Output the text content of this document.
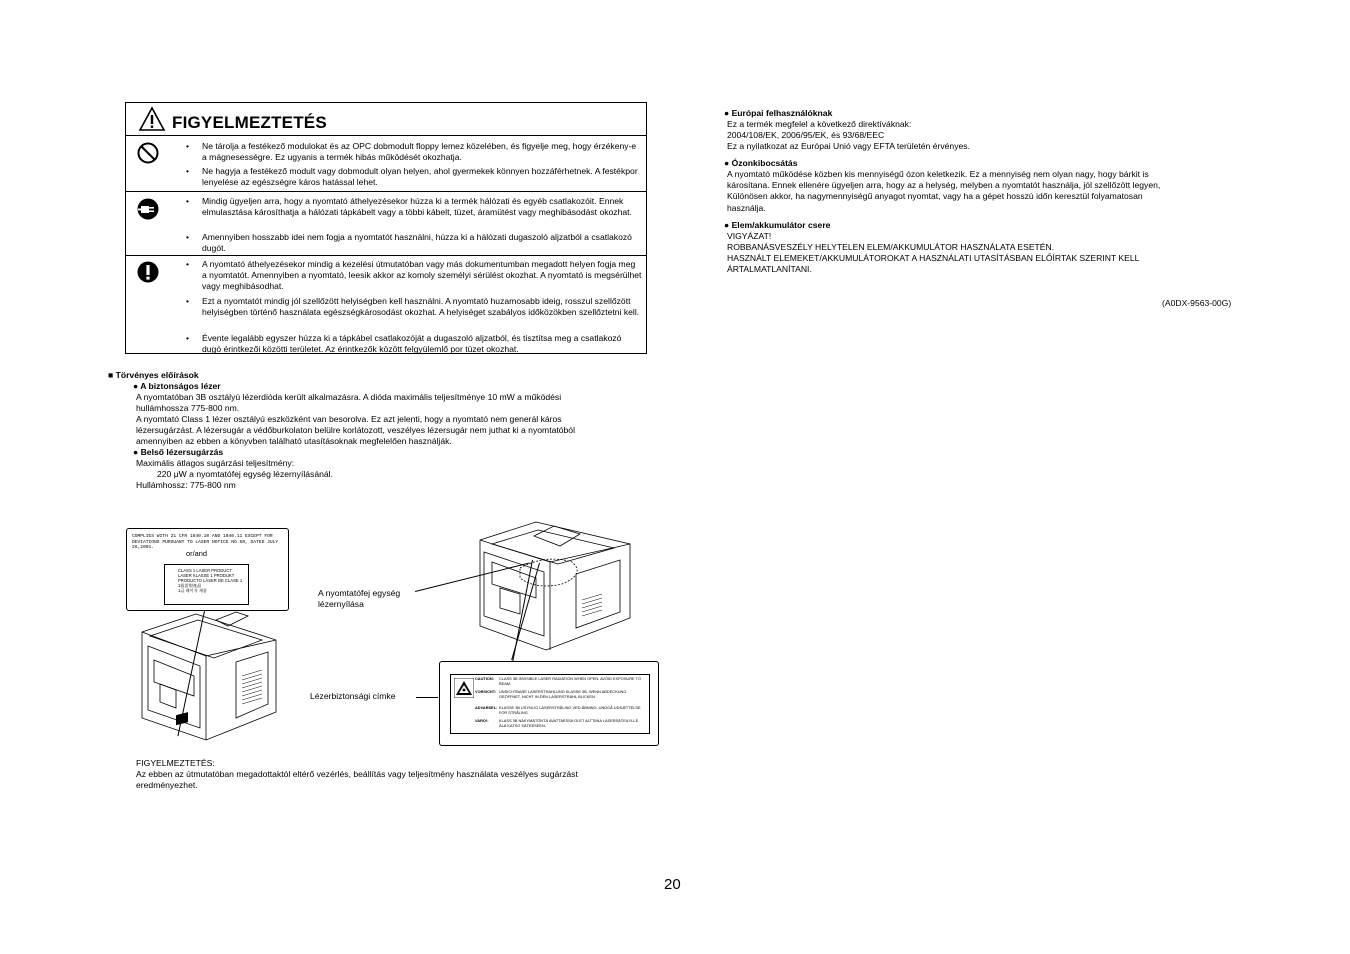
FIGYELMEZTETÉS
• Ne tárolja a festékező modulokat és az OPC dobmodult floppy lemez közelében, és figyelje meg, hogy érzékeny-e a mágnesességre. Ez ugyanis a termék hibás működését okozhatja.
• Ne hagyja a festékező modult vagy dobmodult olyan helyen, ahol gyermekek könnyen hozzáférhetnek. A festékpor lenyelése az egészségre káros hatással lehet.
• Mindig ügyeljen arra, hogy a nyomtató áthelyezésekor húzza ki a termék hálózati és egyéb csatlakozóit. Ennek elmulasztása károsíthatja a hálózati tápkábelt vagy a többi kábelt, tüzet, áramütést vagy meghibásodást okozhat.
• Amennyiben hosszabb idei nem fogja a nyomtatót használni, húzza ki a hálózati dugaszoló aljzatból a csatlakozó dugót.
• A nyomtató áthelyezésekor mindig a kezelési útmutatóban vagy más dokumentumban megadott helyen fogja meg a nyomtatót. Amennyiben a nyomtató, leesik akkor az komoly személyi sérülést okozhat. A nyomtató is megsérülhet vagy meghibásodhat.
• Ezt a nyomtatót mindig jól szellőzött helyiségben kell használni. A nyomtató huzamosabb ideig, rosszul szellőzött helyiségben történő használata egészségkárosodást okozhat. A helyiséget szabályos időközökben szellőztetni kell.
• Évente legalább egyszer húzza ki a tápkábel csatlakozóját a dugaszoló aljzatból, és tisztítsa meg a csatlakozó dugó érintkezői közötti területet. Az érintkezők között felgyülemlő por tüzet okozhat.
■ Törvényes előírások
● A biztonságos lézer
A nyomtatóban 3B osztályú lézerdióda került alkalmazásra. A dióda maximális teljesítménye 10 mW a működési
hullámhossza 775-800 nm.
A nyomtató Class 1 lézer osztályú eszközként van besorolva. Ez azt jelenti, hogy a nyomtató nem generál káros
lézersugárzást. A lézersugár a védőburkolaton belülre korlátozott, veszélyes lézersugár nem juthat ki a nyomtatóból
amennyiben az ebben a könyvben található utasításoknak megfelelően használják.
● Belső lézersugárzás
Maximális átlagos sugárzási teljesítmény:
220 μW a nyomtatófej egység lézernyílásánál.
Hullámhossz: 775-800 nm
COMPLIES WITH 21 CFR 1040.10 AND 1040.11 EXCEPT FOR DEVIATIONS PURSUANT TO LASER NOTICE NO.50, DATED JULY 26,2001.
or/and
CLASS 1 LASER PRODUCT
LASER KLASSE 1 PRODUKT
PRODUCTO LÁSER DE CLASE 1
1級雷射產品
1급 레이저 제품	A nyomtatófej egység
lézernyílása
Lézerbiztonsági címke
CAUTION: CLASS 3B INVISIBLE LASER RADIATION WHEN OPEN. AVOID EXPOSURE TO BEAM.
VORSICHT: UNSICHTBARE LASERSTRAHLUNG KLASSE 3B, WENN ABDECKUNG GEÖFFNET. NICHT IN DEN LASERSTRAHL BLICKEN.
ADVARSEL: KLASSE 3B USYNLIG LASERSTRÅLING VED ÅBNING. UNDGÅ UDSÆTTELSE FOR STRÅLING.
VARO!:	KLASS 3B NÄKYMÄTÖNTÄ AVATTAESSA OLET ALTTIINA LASERSÄTEILYLLE. ÄLÄ KATSO SÄTEESEEN.
FIGYELMEZTETÉS:
Az ebben az útmutatóban megadottaktól eltérő vezérlés, beállítás vagy teljesítmény használata veszélyes sugárzást
eredményezhet.
● Európai felhasználóknak
Ez a termék megfelel a következő direktíváknak:
2004/108/EK, 2006/95/EK, és 93/68/EEC
Ez a nyilatkozat az Európai Unió vagy EFTA területén érvényes.
● Ózonkibocsátás
A nyomtató működése közben kis mennyiségű ózon keletkezik. Ez a mennyiség nem olyan nagy, hogy bárkit is
károsítana. Ennek ellenére ügyeljen arra, hogy az a helység, melyben a nyomtatót használja, jól szellőzött legyen,
Különösen akkor, ha nagymennyiségű anyagot nyomtat, vagy ha a gépet hosszú időn keresztül folyamatosan
használja.
● Elem/akkumulátor csere
VIGYÁZAT!
ROBBANÁSVESZÉLY HELYTELEN ELEM/AKKUMULÁTOR HASZNÁLATA ESETÉN.
HASZNÁLT ELEMEKET/AKKUMULÁTOROKAT A HASZNÁLATI UTASÍTÁSBAN ELŐÍRTAK SZERINT KELL
ÁRTALMATLANÍTANI.
(A0DX-9563-00G)
20
